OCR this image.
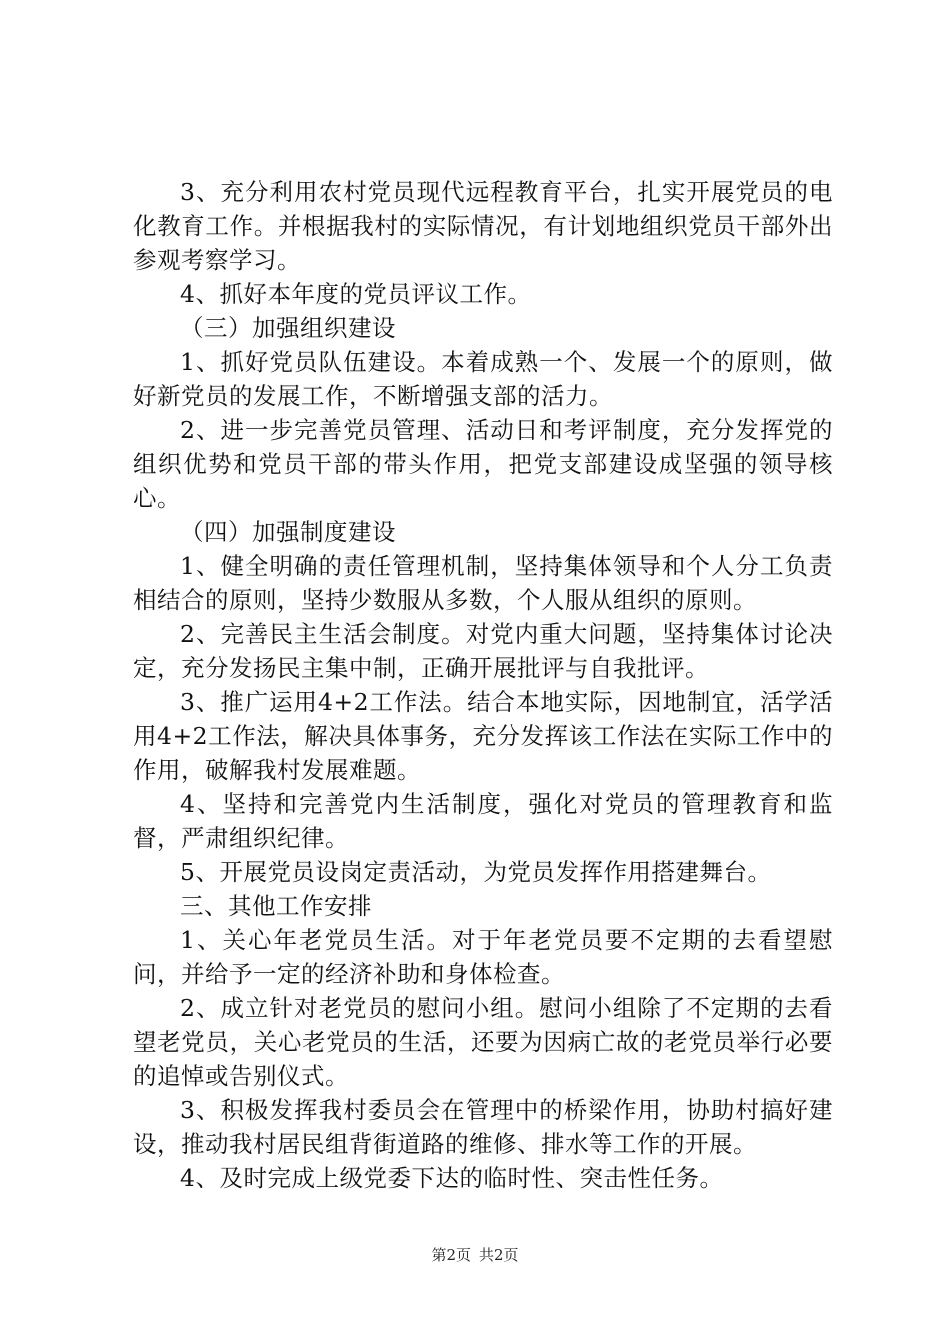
3、充分利用农村党员现代远程教育平台，扎实开展党员的电化教育工作。并根据我村的实际情况，有计划地组织党员干部外出参观考察学习。

4、抓好本年度的党员评议工作。

（三）加强组织建设

1、抓好党员队伍建设。本着成熟一个、发展一个的原则，做好新党员的发展工作，不断增强支部的活力。

2、进一步完善党员管理、活动日和考评制度，充分发挥党的组织优势和党员干部的带头作用，把党支部建设成坚强的领导核心。

（四）加强制度建设

1、健全明确的责任管理机制，坚持集体领导和个人分工负责相结合的原则，坚持少数服从多数，个人服从组织的原则。

2、完善民主生活会制度。对党内重大问题，坚持集体讨论决定，充分发扬民主集中制，正确开展批评与自我批评。

3、推广运用4+2工作法。结合本地实际，因地制宜，活学活用4+2工作法，解决具体事务，充分发挥该工作法在实际工作中的作用，破解我村发展难题。

4、坚持和完善党内生活制度，强化对党员的管理教育和监督，严肃组织纪律。

5、开展党员设岗定责活动，为党员发挥作用搭建舞台。

三、其他工作安排

1、关心年老党员生活。对于年老党员要不定期的去看望慰问，并给予一定的经济补助和身体检查。

2、成立针对老党员的慰问小组。慰问小组除了不定期的去看望老党员，关心老党员的生活，还要为因病亡故的老党员举行必要的追悼或告别仪式。

3、积极发挥我村委员会在管理中的桥梁作用，协助村搞好建设，推动我村居民组背街道路的维修、排水等工作的开展。

4、及时完成上级党委下达的临时性、突击性任务。

第2页 共2页
